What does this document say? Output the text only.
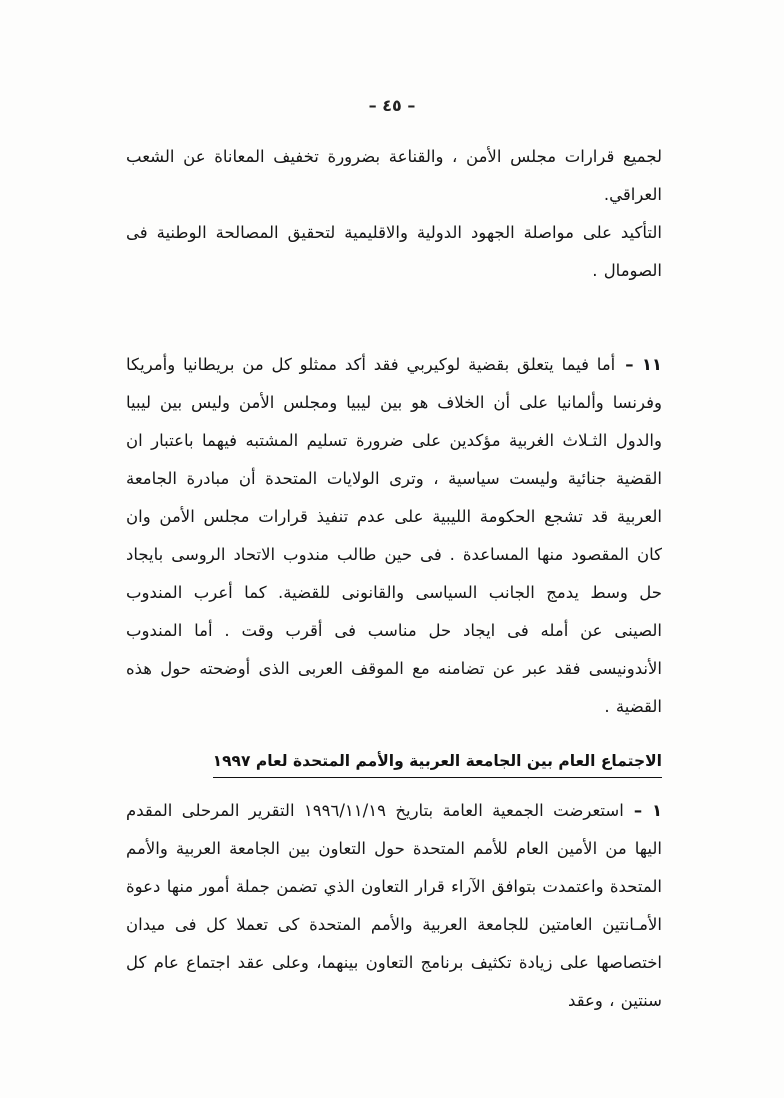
– ٤٥ –

لجميع قرارات مجلس الأمن ، والقناعة بضرورة تخفيف المعاناة عن الشعب العراقي.

التأكيد على مواصلة الجهود الدولية والاقليمية لتحقيق المصالحة الوطنية فى الصومال .

١١ –أما فيما يتعلق بقضية لوكيربي فقد أكد ممثلو كل من بريطانيا وأمريكا وفرنسا وألمانيا على أن الخلاف هو بين ليبيا ومجلس الأمن وليس بين ليبيا والدول الثـلاث الغربية مؤكدين على ضرورة تسليم المشتبه فيهما باعتبار ان القضية جنائية وليست سياسية ، وترى الولايات المتحدة أن مبادرة الجامعة العربية قد تشجع الحكومة الليبية على عدم تنفيذ قرارات مجلس الأمن وان كان المقصود منها المساعدة . فى حين طالب مندوب الاتحاد الروسى بايجاد حل وسط يدمج الجانب السياسى والقانونى للقضية. كما أعرب المندوب الصينى عن أمله فى ايجاد حل مناسب فى أقرب وقت . أما المندوب الأندونيسى فقد عبر عن تضامنه مع الموقف العربى الذى أوضحته حول هذه القضية .

الاجتماع العام بين الجامعة العربية والأمم المتحدة لعام ١٩٩٧

١ –استعرضت الجمعية العامة بتاريخ ١٩٩٦/١١/١٩ التقرير المرحلى المقدم اليها من الأمين العام للأمم المتحدة حول التعاون بين الجامعة العربية والأمم المتحدة واعتمدت بتوافق الآراء قرار التعاون الذي تضمن جملة أمور منها دعوة الأمـانتين العامتين للجامعة العربية والأمم المتحدة كى تعملا كل فى ميدان اختصاصها على زيادة تكثيف برنامج التعاون بينهما، وعلى عقد اجتماع عام كل سنتين ، وعقد
